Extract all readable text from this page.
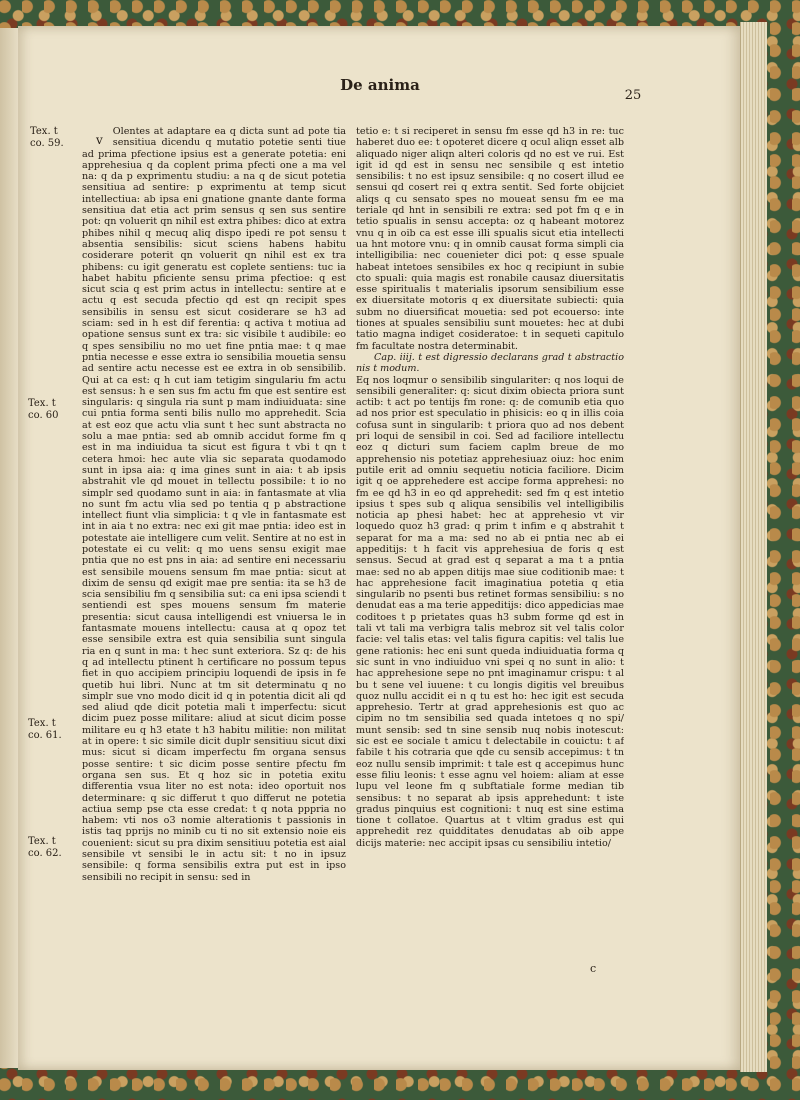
De anima
25
Tex. t
co. 59.
Tex. t
co. 60
Tex. t
co. 61.
Tex. t
co. 62.
v

Olentes at adaptare ea q dicta sunt ad pote tia sensitiua dicendu q mutatio potetie senti tiue ad prima pfectione ipsius est a generate potetia: eni apprehesiua q da coplent prima pfecti one a ma vel na: q da p exprimentu studiu: a na q de sicut potetia sensitiua ad sentire: p exprimentu at temp sicut intellectiua: ab ipsa eni gnatione gnante dante forma sensitiua dat etia act prim sensus q sen sus sentire pot: qn voluerit qn nihil est extra phibes: dico at extra phibes nihil q mecuq aliq dispo ipedi re pot sensu t absentia sensibilis: sicut sciens habens habitu cosiderare poterit qn voluerit qn nihil est ex tra phibens: cu igit generatu est coplete sentiens: tuc ia habet habitu pficiente sensu prima pfectioe: q est sicut scia q est prim actus in intellectu: sentire at e actu q est secuda pfectio qd est qn recipit spes sensibilis in sensu est sicut cosiderare se h3 ad sciam: sed in h est dif ferentia: q activa t motiua ad opatione sensus sunt ex tra: sic visibile t audibile: eo q spes sensibiliu no mo uet fine pntia mae: t q mae pntia necesse e esse extra io sensibilia mouetia sensu ad sentire actu necesse est ee extra in ob sensibilib. Qui at ca est: q h cut iam tetigim singulariu fm actu est sensus: h e sen sus fm actu fm que est sentire est singularis: q singula ria sunt p mam indiuiduata: sine cui pntia forma senti bilis nullo mo apprehedit. Scia at est eoz que actu vlia sunt t hec sunt abstracta no solu a mae pntia: sed ab omnib accidut forme fm q est in ma indiuidua ta sicut est figura t vbi t qn t cetera hmoi: hec aute vlia sic separata quodamodo sunt in ipsa aia: q ima gines sunt in aia: t ab ipsis abstrahit vle qd mouet in tellectu possibile: t io no simplr sed quodamo sunt in aia: in fantasmate at vlia no sunt fm actu vlia sed po tentia q p abstractione intellect fiunt vlia simplicia: t q vle in fantasmate est int in aia t no extra: nec exi git mae pntia: ideo est in potestate aie intelligere cum velit. Sentire at no est in potestate ei cu velit: q mo uens sensu exigit mae pntia que no est pns in aia: ad sentire eni necessariu est sensibile mouens sensum fm mae pntia: sicut at dixim de sensu qd exigit mae pre sentia: ita se h3 de scia sensibiliu fm q sensibilia sut: ca eni ipsa sciendi t sentiendi est spes mouens sensum fm materie presentia: sicut causa intelligendi est vniuersa le in fantasmate mouens intellectu: causa at q opoz tet esse sensibile extra est quia sensibilia sunt singula ria en q sunt in ma: t hec sunt exteriora. Sz q: de his q ad intellectu ptinent h certificare no possum tepus fiet in quo accipiem principiu loquendi de ipsis in fe quetib hui libri. Nunc at tm sit determinatu q no simplr sue vno modo dicit id q in potentia dicit ali qd sed aliud qde dicit potetia mali t imperfectu: sicut dicim puez posse militare: aliud at sicut dicim posse militare eu q h3 etate t h3 habitu militie: non militat at in opere: t sic simile dicit duplr sensitiuu sicut dixi mus: sicut si dicam imperfectu fm organa sensus posse sentire: t sic dicim posse sentire pfectu fm organa sen sus. Et q hoz sic in potetia exitu differentia vsua liter no est nota: ideo oportuit nos determinare: q sic differut t quo differut ne potetia actiua semp pse cta esse credat: t q nota pppria no habem: vti nos o3 nomie alterationis t passionis in istis taq pprijs no minib cu ti no sit extensio noie eis couenient: sicut su pra dixim sensitiuu potetia est aial sensibile vt sensibi le in actu sit: t no in ipsuz sensibile: q forma sensibilis extra put est in ipso sensibili no recipit in sensu: sed in

tetio e: t si reciperet in sensu fm esse qd h3 in re: tuc haberet duo ee: t opoteret dicere q ocul aliqn esset alb aliquado niger aliqn alteri coloris qd no est ve rui. Est igit id qd est in sensu nec sensibile q est intetio sensibilis: t no est ipsuz sensibile: q no cosert illud ee sensui qd cosert rei q extra sentit. Sed forte obijciet aliqs q cu sensato spes no moueat sensu fm ee ma teriale qd hnt in sensibili re extra: sed pot fm q e in tetio spualis in sensu accepta: oz q habeant motorez vnu q in oib ca est esse illi spualis sicut etia intellecti ua hnt motore vnu: q in omnib causat forma simpli cia intelligibilia: nec couenieter dici pot: q esse spuale habeat intetoes sensibiles ex hoc q recipiunt in subie cto spuali: quia magis est ronabile causaz diuersitatis esse spiritualis t materialis ipsorum sensibilium esse ex diuersitate motoris q ex diuersitate subiecti: quia subm no diuersificat mouetia: sed pot ecouerso: inte tiones at spuales sensibiliu sunt mouetes: hec at dubi tatio magna indiget cosideratoe: t in sequeti capitulo fm facultate nostra determinabit.

Cap. iiij. t est digressio declarans grad t abstractio nis t modum.

Eq nos loqmur o sensibilib singulariter: q nos loqui de sensibili generaliter: q: sicut dixim obiecta priora sunt actib: t act po tentijs fm rone: q: de comunib etia quo ad nos prior est speculatio in phisicis: eo q in illis coia cofusa sunt in singularib: t priora quo ad nos debent pri loqui de sensibil in coi. Sed ad faciliore intellectu eoz q dicturi sum faciem caplm breue de mo apprehensio nis potetiaz apprehesiuaz oiuz: hoc enim putile erit ad omniu sequetiu noticia faciliore. Dicim igit q oe apprehedere est accipe forma apprehesi: no fm ee qd h3 in eo qd apprehedit: sed fm q est intetio ipsius t spes sub q aliqua sensibilis vel intelligibilis noticia ap phesi habet: hec at apprehesio vt vir loquedo quoz h3 grad: q prim t infim e q abstrahit t separat for ma a ma: sed no ab ei pntia nec ab ei appeditijs: t h facit vis apprehesiua de foris q est sensus. Secud at grad est q separat a ma t a pntia mae: sed no ab appen ditijs mae siue coditionib mae: t hac apprehesione facit imaginatiua potetia q etia singularib no psenti bus retinet formas sensibiliu: s no denudat eas a ma terie appeditijs: dico appedicias mae coditoes t p prietates quas h3 subm forme qd est in tali vt tali ma verbigra talis mebroz sit vel talis color facie: vel talis etas: vel talis figura capitis: vel talis lue gene rationis: hec eni sunt queda indiuiduatia forma q sic sunt in vno indiuiduo vni spei q no sunt in alio: t hac apprehesione sepe no pnt imaginamur crispu: t al bu t sene vel iuuene: t cu longis digitis vel breuibus quoz nullu accidit ei n q tu est ho: hec igit est secuda apprehesio. Tertr at grad apprehesionis est quo ac cipim no tm sensibilia sed quada intetoes q no spi/ munt sensib: sed tn sine sensib nuq nobis inotescut: sic est ee sociale t amicu t delectabile in couictu: t af fabile t his cotraria que qde cu sensib accepimus: t tn eoz nullu sensib imprimit: t tale est q accepimus hunc esse filiu leonis: t esse agnu vel hoiem: aliam at esse lupu vel leone fm q subftatiale forme median tib sensibus: t no separat ab ipsis apprehedunt: t iste gradus pinquius est cognitioni: t nuq est sine estima tione t collatoe. Quartus at t vltim gradus est qui apprehedit rez quidditates denudatas ab oib appe dicijs materie: nec accipit ipsas cu sensibiliu intetio/

c
